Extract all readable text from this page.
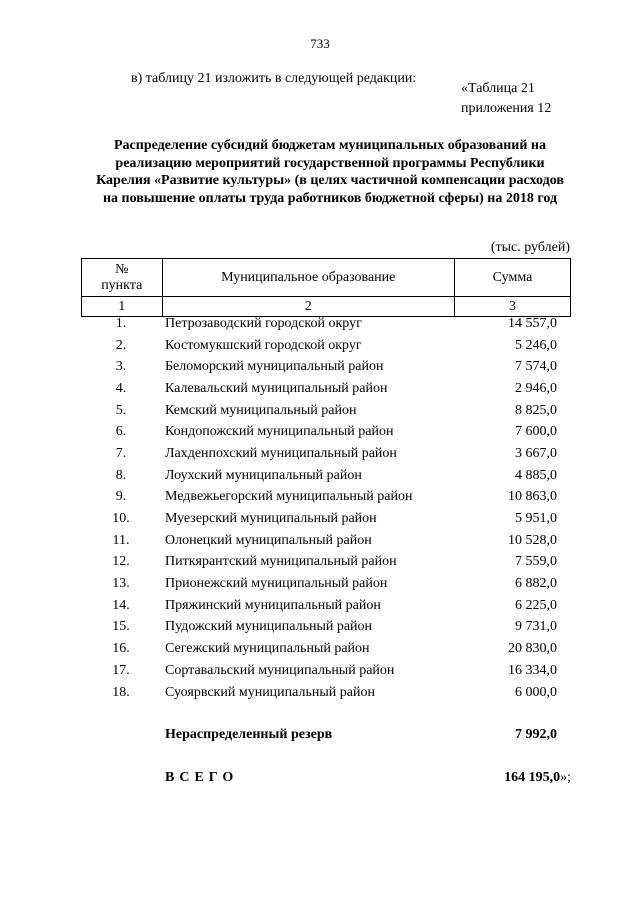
733
в) таблицу 21 изложить в следующей редакции:
«Таблица 21
приложения 12
Распределение субсидий бюджетам муниципальных образований на реализацию мероприятий государственной программы Республики Карелия «Развитие культуры» (в целях частичной компенсации расходов на повышение оплаты труда работников бюджетной сферы) на 2018 год
(тыс. рублей)
№
пункта	Муниципальное образование	Сумма
1	2	3
1.	Петрозаводский городской округ	14 557,0
2.	Костомукшский городской округ	5 246,0
3.	Беломорский муниципальный район	7 574,0
4.	Калевальский муниципальный район	2 946,0
5.	Кемский муниципальный район	8 825,0
6.	Кондопожский муниципальный район	7 600,0
7.	Лахденпохский муниципальный район	3 667,0
8.	Лоухский муниципальный район	4 885,0
9.	Медвежьегорский муниципальный район	10 863,0
10.	Муезерский муниципальный район	5 951,0
11.	Олонецкий муниципальный район	10 528,0
12.	Питкярантский муниципальный район	7 559,0
13.	Прионежский муниципальный район	6 882,0
14.	Пряжинский муниципальный район	6 225,0
15.	Пудожский муниципальный район	9 731,0
16.	Сегежский муниципальный район	20 830,0
17.	Сортавальский муниципальный район	16 334,0
18.	Суоярвский муниципальный район	6 000,0
Нераспределенный резерв	7 992,0
ВСЕГО	164 195,0»;
